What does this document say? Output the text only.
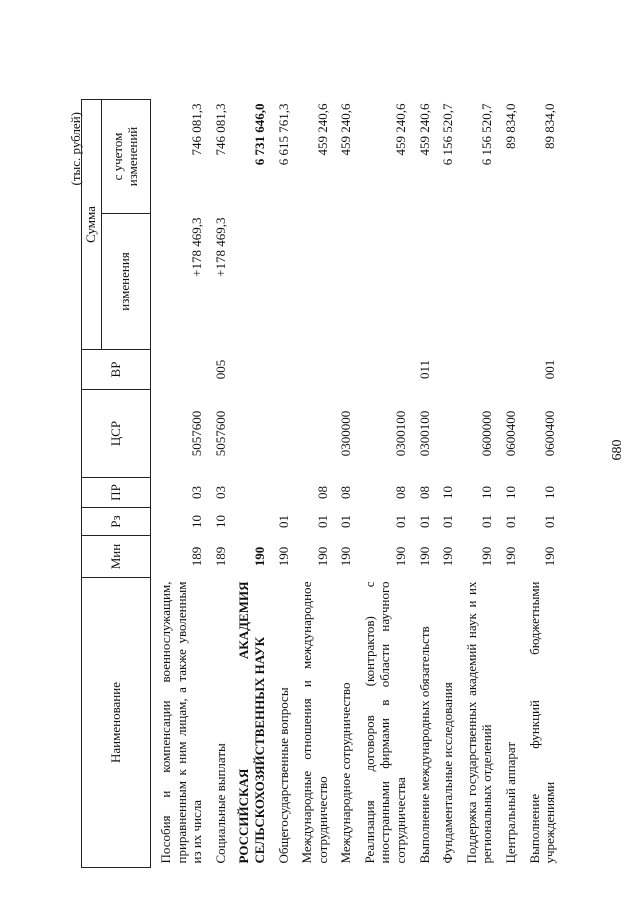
680
(тыс. рублей)
Наименование	Мин	Рз	ПР	ЦСР	ВР	Сумма	
						изменения	с учетом изменений

Пособия и компенсации военнослужащим, приравненным к ним лицам, а также уволенным из их числа	189	10	03	5057600		+178 469,3	746 081,3

Социальные выплаты	189	10	03	5057600	005	+178 469,3	746 081,3

РОССИЙСКАЯ АКАДЕМИЯ СЕЛЬСКОХОЗЯЙСТВЕННЫХ НАУК	190						6 731 646,0

Общегосударственные вопросы	190	01					6 615 761,3

Международные отношения и международное сотрудничество	190	01	08				459 240,6

Международное сотрудничество	190	01	08	0300000			459 240,6

Реализация договоров (контрактов) с иностранными фирмами в области научного сотрудничества	190	01	08	0300100			459 240,6

Выполнение международных обязательств	190	01	08	0300100	011		459 240,6

Фундаментальные исследования	190	01	10				6 156 520,7

Поддержка государственных академий наук и их региональных отделений	190	01	10	0600000			6 156 520,7

Центральный аппарат	190	01	10	0600400			89 834,0

Выполнение функций бюджетными учреждениями	190	01	10	0600400	001		89 834,0
